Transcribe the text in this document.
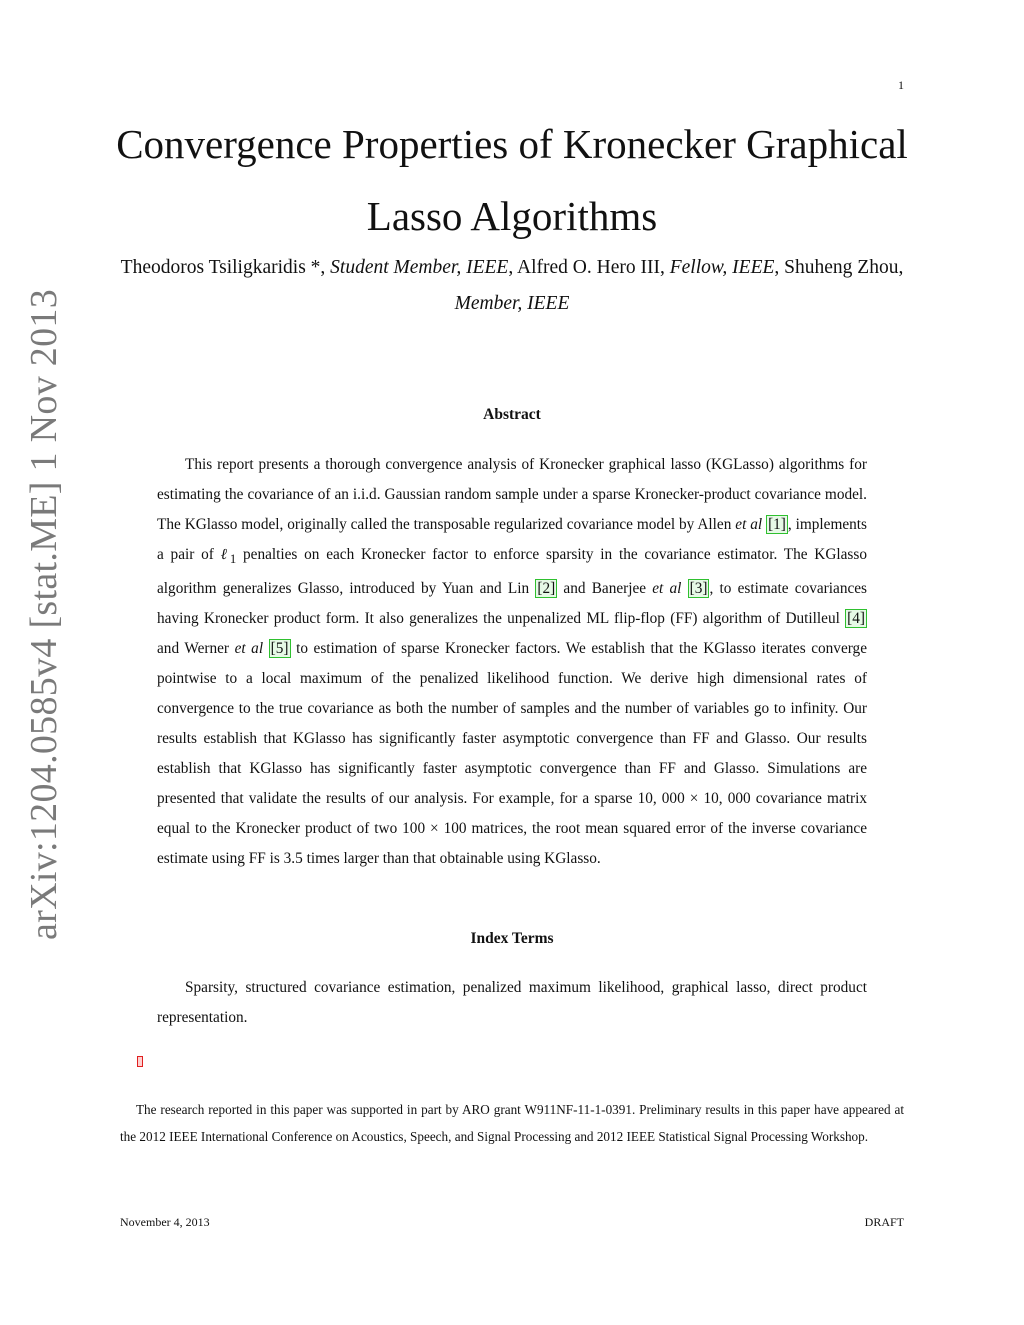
1
Convergence Properties of Kronecker Graphical Lasso Algorithms
Theodoros Tsiligkaridis *, Student Member, IEEE, Alfred O. Hero III, Fellow, IEEE, Shuheng Zhou, Member, IEEE
arXiv:1204.0585v4 [stat.ME] 1 Nov 2013	Abstract

This report presents a thorough convergence analysis of Kronecker graphical lasso (KGLasso) algorithms for estimating the covariance of an i.i.d. Gaussian random sample under a sparse Kronecker-product covariance model. The KGlasso model, originally called the transposable regularized covariance model by Allen et al [1] , implements a pair of ℓ$_1$ penalties on each Kronecker factor to enforce sparsity in the covariance estimator. The KGlasso algorithm generalizes Glasso, introduced by Yuan and Lin [2] and Banerjee et al [3] , to estimate covariances having Kronecker product form. It also generalizes the unpenalized ML flip-flop (FF) algorithm of Dutilleul [4] and Werner et al [5] to estimation of sparse Kronecker factors. We establish that the KGlasso iterates converge pointwise to a local maximum of the penalized likelihood function. We derive high dimensional rates of convergence to the true covariance as both the number of samples and the number of variables go to infinity. Our results establish that KGlasso has significantly faster asymptotic convergence than FF and Glasso. Our results establish that KGlasso has significantly faster asymptotic convergence than FF and Glasso. Simulations are presented that validate the results of our analysis. For example, for a sparse 10, 000 × 10, 000 covariance matrix equal to the Kronecker product of two 100 × 100 matrices, the root mean squared error of the inverse covariance estimate using FF is 3.5 times larger than that obtainable using KGlasso.

Index Terms

Sparsity, structured covariance estimation, penalized maximum likelihood, graphical lasso, direct product representation.

The research reported in this paper was supported in part by ARO grant W911NF-11-1-0391. Preliminary results in this paper have appeared at the 2012 IEEE International Conference on Acoustics, Speech, and Signal Processing and 2012 IEEE Statistical Signal Processing Workshop.

November 4, 2013	DRAFT
